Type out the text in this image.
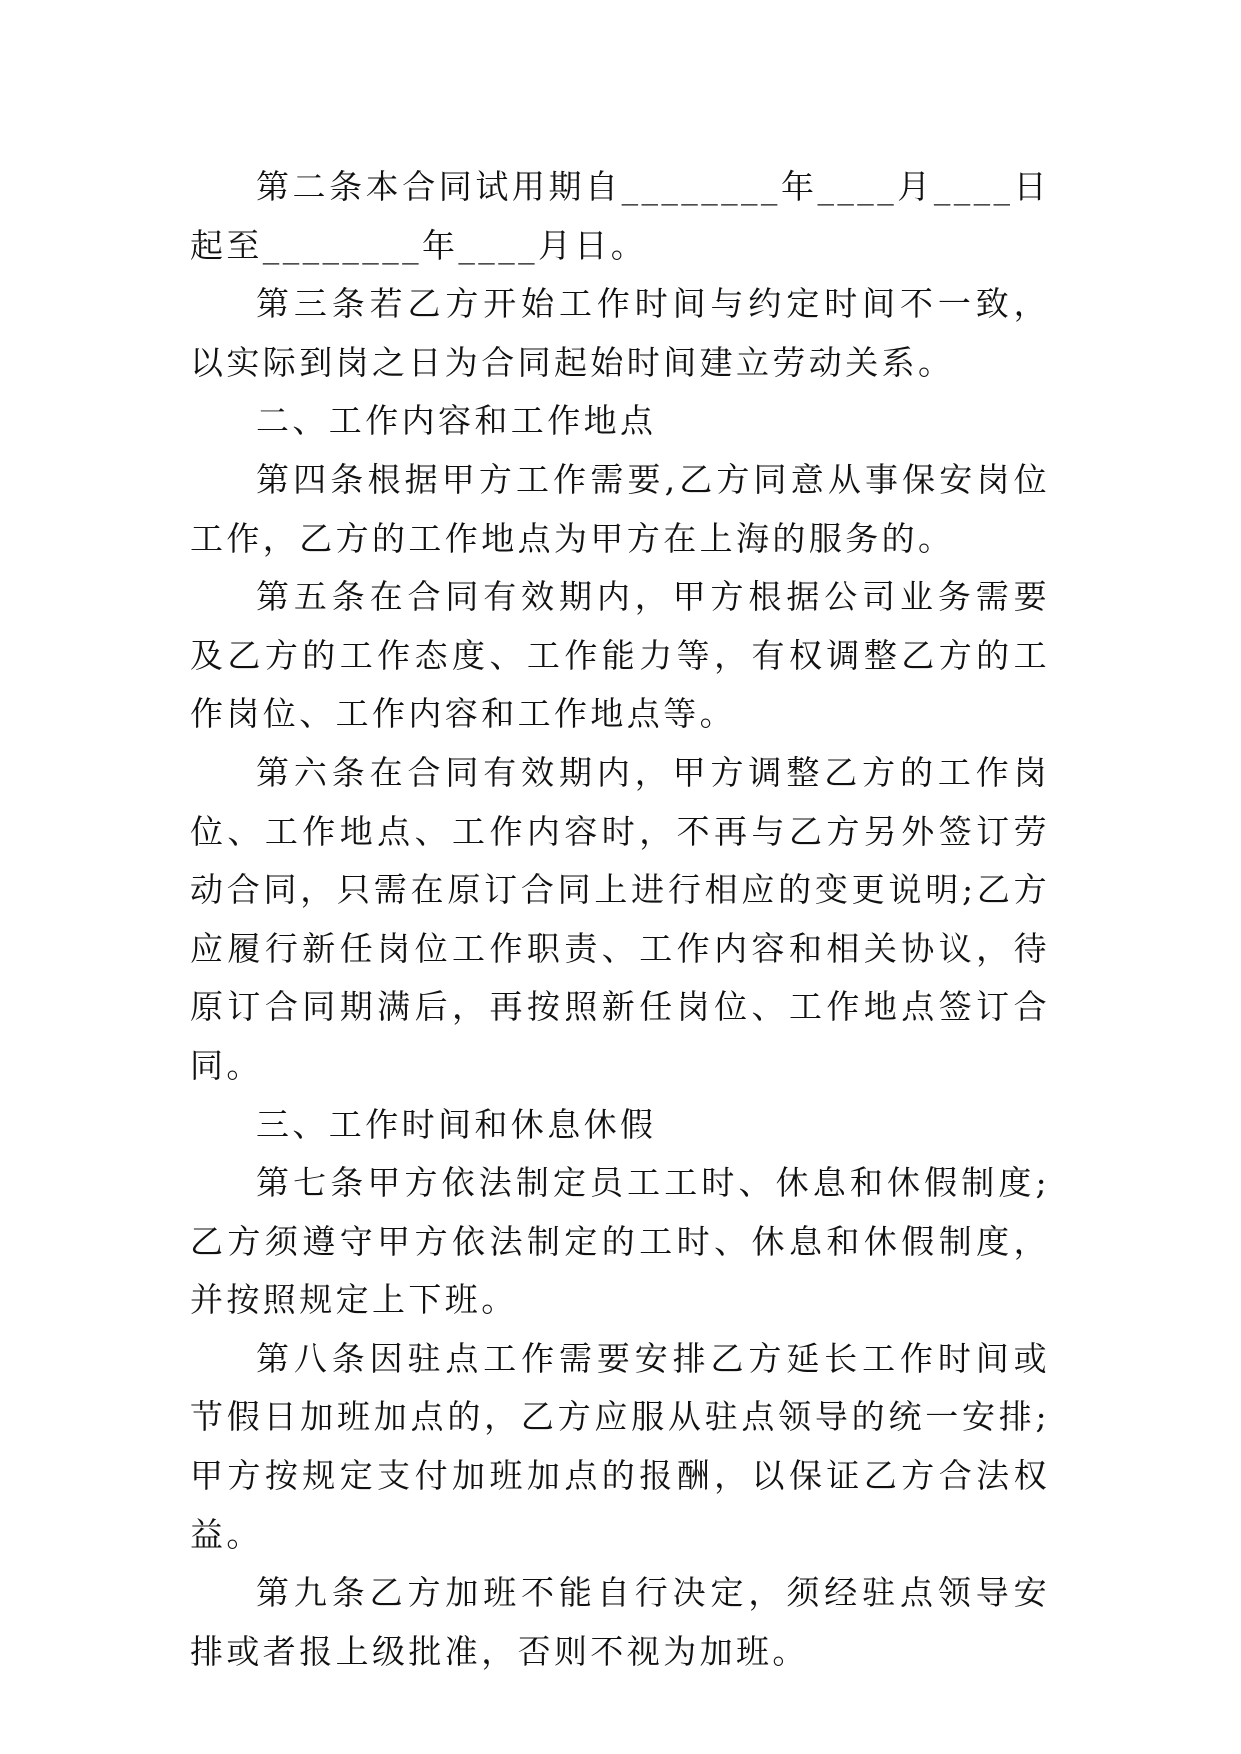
第二条本合同试用期自________年____月____日起至________年____月日。

第三条若乙方开始工作时间与约定时间不一致，以实际到岗之日为合同起始时间建立劳动关系。

二、工作内容和工作地点

第四条根据甲方工作需要,乙方同意从事保安岗位工作，乙方的工作地点为甲方在上海的服务的。

第五条在合同有效期内，甲方根据公司业务需要及乙方的工作态度、工作能力等，有权调整乙方的工作岗位、工作内容和工作地点等。

第六条在合同有效期内，甲方调整乙方的工作岗位、工作地点、工作内容时，不再与乙方另外签订劳动合同，只需在原订合同上进行相应的变更说明;乙方应履行新任岗位工作职责、工作内容和相关协议，待原订合同期满后，再按照新任岗位、工作地点签订合同。

三、工作时间和休息休假

第七条甲方依法制定员工工时、休息和休假制度;乙方须遵守甲方依法制定的工时、休息和休假制度，并按照规定上下班。

第八条因驻点工作需要安排乙方延长工作时间或节假日加班加点的，乙方应服从驻点领导的统一安排;甲方按规定支付加班加点的报酬，以保证乙方合法权益。

第九条乙方加班不能自行决定，须经驻点领导安排或者报上级批准，否则不视为加班。
